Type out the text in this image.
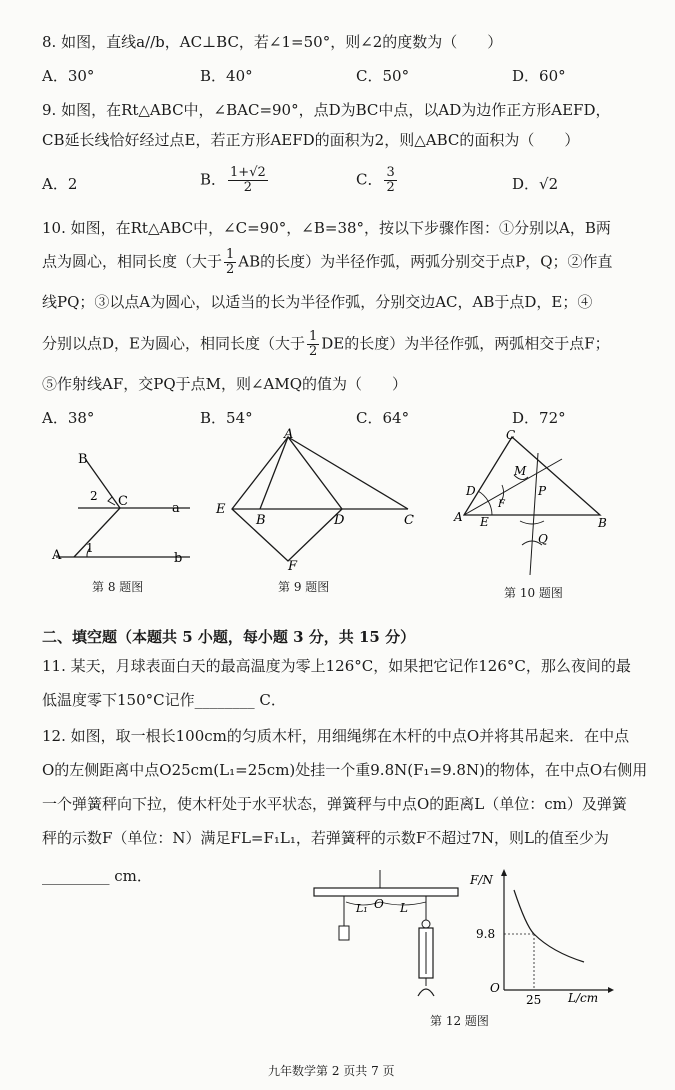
8. 如图，直线a//b，AC⊥BC，若∠1=50°，则∠2的度数为（　　）
A．30°	B．40°	C．50°	D．60°
9. 如图，在Rt△ABC中，∠BAC=90°，点D为BC中点，以AD为边作正方形AEFD，
CB延长线恰好经过点E，若正方形AEFD的面积为2，则△ABC的面积为（　　）
A．2	B． $\frac{1+√2}{2}$	C． $\frac{3}{2}$	D．√2
10. 如图，在Rt△ABC中，∠C=90°，∠B=38°，按以下步骤作图：①分别以A，B两
点为圆心，相同长度（大于 $\frac{1}{2}$ AB的长度）为半径作弧，两弧分别交于点P，Q；②作直
线PQ；③以点A为圆心，以适当的长为半径作弧，分别交边AC，AB于点D，E；④
分别以点D，E为圆心，相同长度（大于 $\frac{1}{2}$ DE的长度）为半径作弧，两弧相交于点F；
⑤作射线AF，交PQ于点M，则∠AMQ的值为（　　）
A．38°	B．54°	C．64°	D．72°
B
2 C	a
A 1
b
第 8 题图
A
E
B	D	C
F
第 9 题图
C
M
D	P
F
A E	B
Q
第 10 题图
二、填空题（本题共 5 小题，每小题 3 分，共 15 分）
11. 某天，月球表面白天的最高温度为零上126°C，如果把它记作126°C，那么夜间的最
低温度零下150°C记作________ C．
12. 如图，取一根长100cm的匀质木杆，用细绳绑在木杆的中点O并将其吊起来．在中点
O的左侧距离中点O25cm(L₁=25cm)处挂一个重9.8N(F₁=9.8N)的物体，在中点O右侧用
一个弹簧秤向下拉，使木杆处于水平状态，弹簧秤与中点O的距离L（单位：cm）及弹簧
秤的示数F（单位：N）满足FL=F₁L₁，若弹簧秤的示数F不超过7N，则L的值至少为
_________ cm．
L₁ O L
F/N
9.8
O
25 L/cm
第 12 题图
九年数学第 2 页共 7 页
